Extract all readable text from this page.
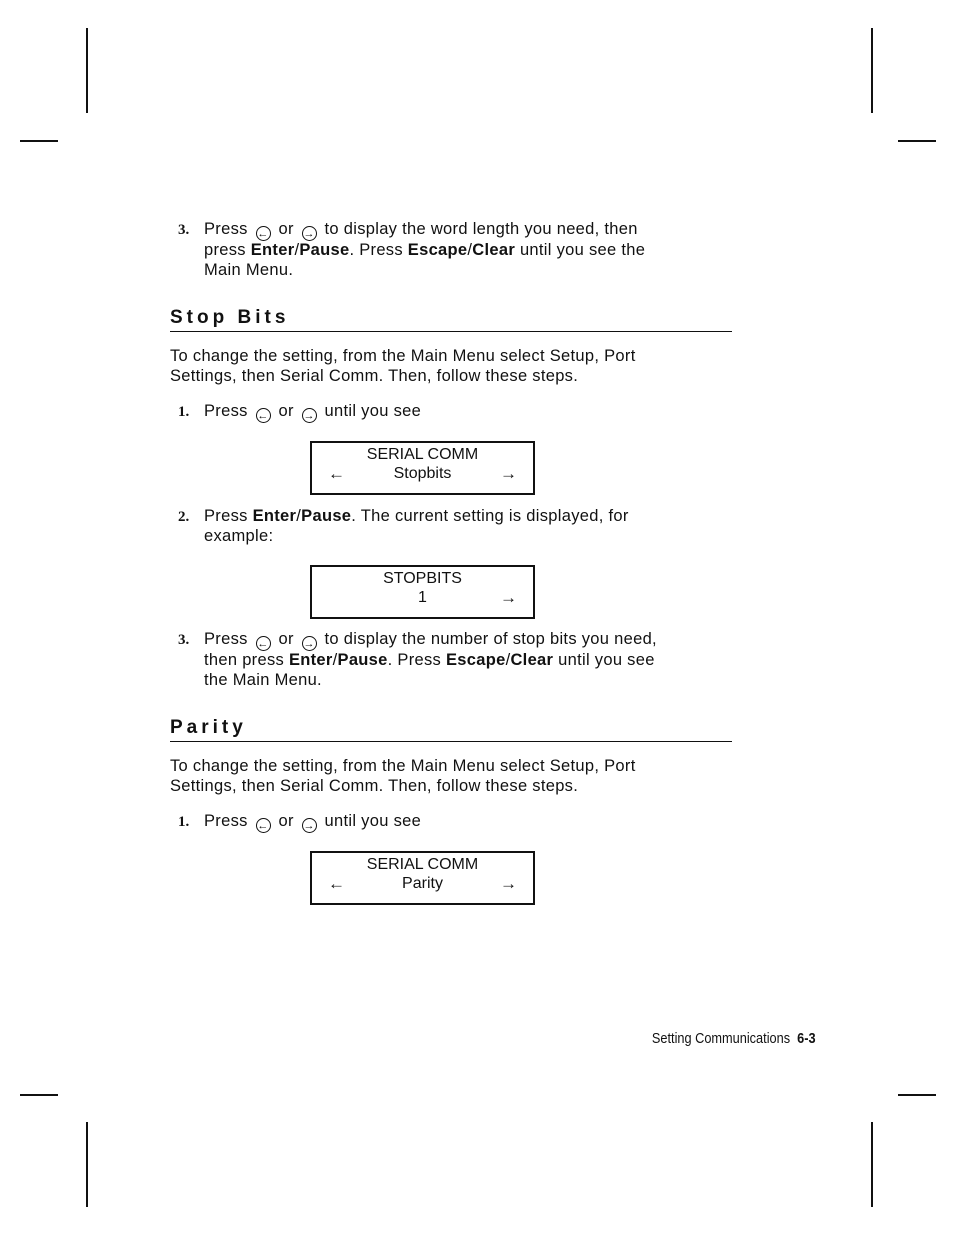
3. Press ← or → to display the word length you need, then
press Enter/Pause. Press Escape/Clear until you see the
Main Menu.
Stop Bits
To change the setting, from the Main Menu select Setup, Port
Settings, then Serial Comm. Then, follow these steps.
1. Press ← or → until you see
SERIAL COMM
←	Stopbits	→
2. Press Enter/Pause. The current setting is displayed, for
example:
STOPBITS
1	→
3. Press ← or → to display the number of stop bits you need,
then press Enter/Pause. Press Escape/Clear until you see
the Main Menu.
Parity
To change the setting, from the Main Menu select Setup, Port
Settings, then Serial Comm. Then, follow these steps.
1. Press ← or → until you see
SERIAL COMM
←	Parity	→
Setting Communications 6-3
